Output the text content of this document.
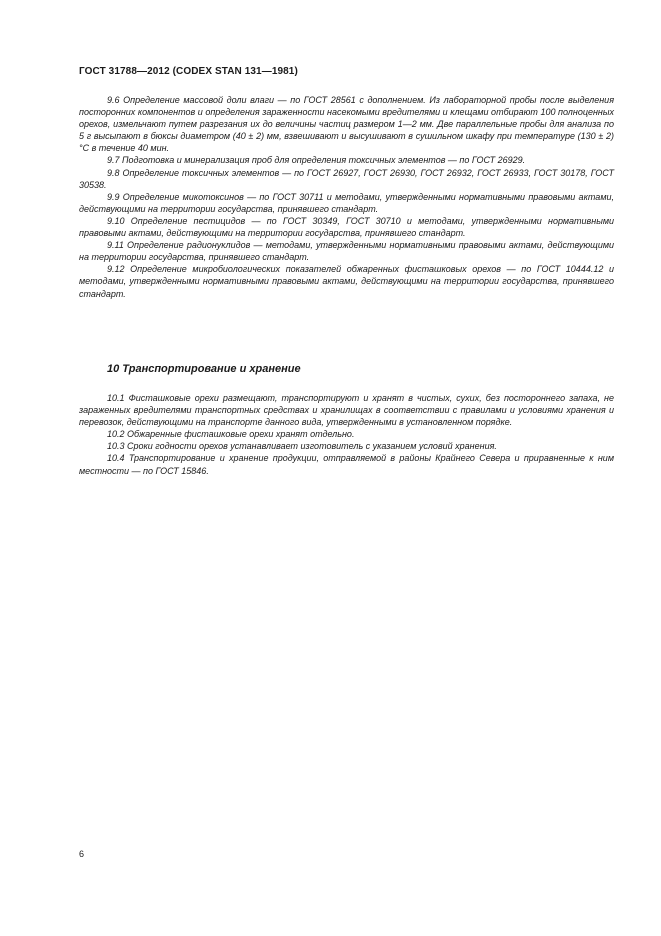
ГОСТ 31788—2012 (CODEX STAN 131—1981)

9.6 Определение массовой доли влаги — по ГОСТ 28561 с дополнением. Из лабораторной пробы после выделения посторонних компонентов и определения зараженности насекомыми вредителями и клещами отбирают 100 полноценных орехов, измельчают путем разрезания их до величины частиц размером 1—2 мм. Две параллельные пробы для анализа по 5 г высыпают в бюксы диаметром (40 ± 2) мм, взвешивают и высушивают в сушильном шкафу при температуре (130 ± 2) °С в течение 40 мин.

9.7 Подготовка и минерализация проб для определения токсичных элементов — по ГОСТ 26929.

9.8 Определение токсичных элементов — по ГОСТ 26927, ГОСТ 26930, ГОСТ 26932, ГОСТ 26933, ГОСТ 30178, ГОСТ 30538.

9.9 Определение микотоксинов — по ГОСТ 30711 и методами, утвержденными нормативными правовыми актами, действующими на территории государства, принявшего стандарт.

9.10 Определение пестицидов — по ГОСТ 30349, ГОСТ 30710 и методами, утвержденными нормативными правовыми актами, действующими на территории государства, принявшего стандарт.

9.11 Определение радионуклидов — методами, утвержденными нормативными правовыми актами, действующими на территории государства, принявшего стандарт.

9.12 Определение микробиологических показателей обжаренных фисташковых орехов — по ГОСТ 10444.12 и методами, утвержденными нормативными правовыми актами, действующими на территории государства, принявшего стандарт.

10 Транспортирование и хранение

10.1 Фисташковые орехи размещают, транспортируют и хранят в чистых, сухих, без постороннего запаха, не зараженных вредителями транспортных средствах и хранилищах в соответствии с правилами и условиями хранения и перевозок, действующими на транспорте данного вида, утвержденными в установленном порядке.

10.2 Обжаренные фисташковые орехи хранят отдельно.

10.3 Сроки годности орехов устанавливает изготовитель с указанием условий хранения.

10.4 Транспортирование и хранение продукции, отправляемой в районы Крайнего Севера и приравненные к ним местности — по ГОСТ 15846.

6
